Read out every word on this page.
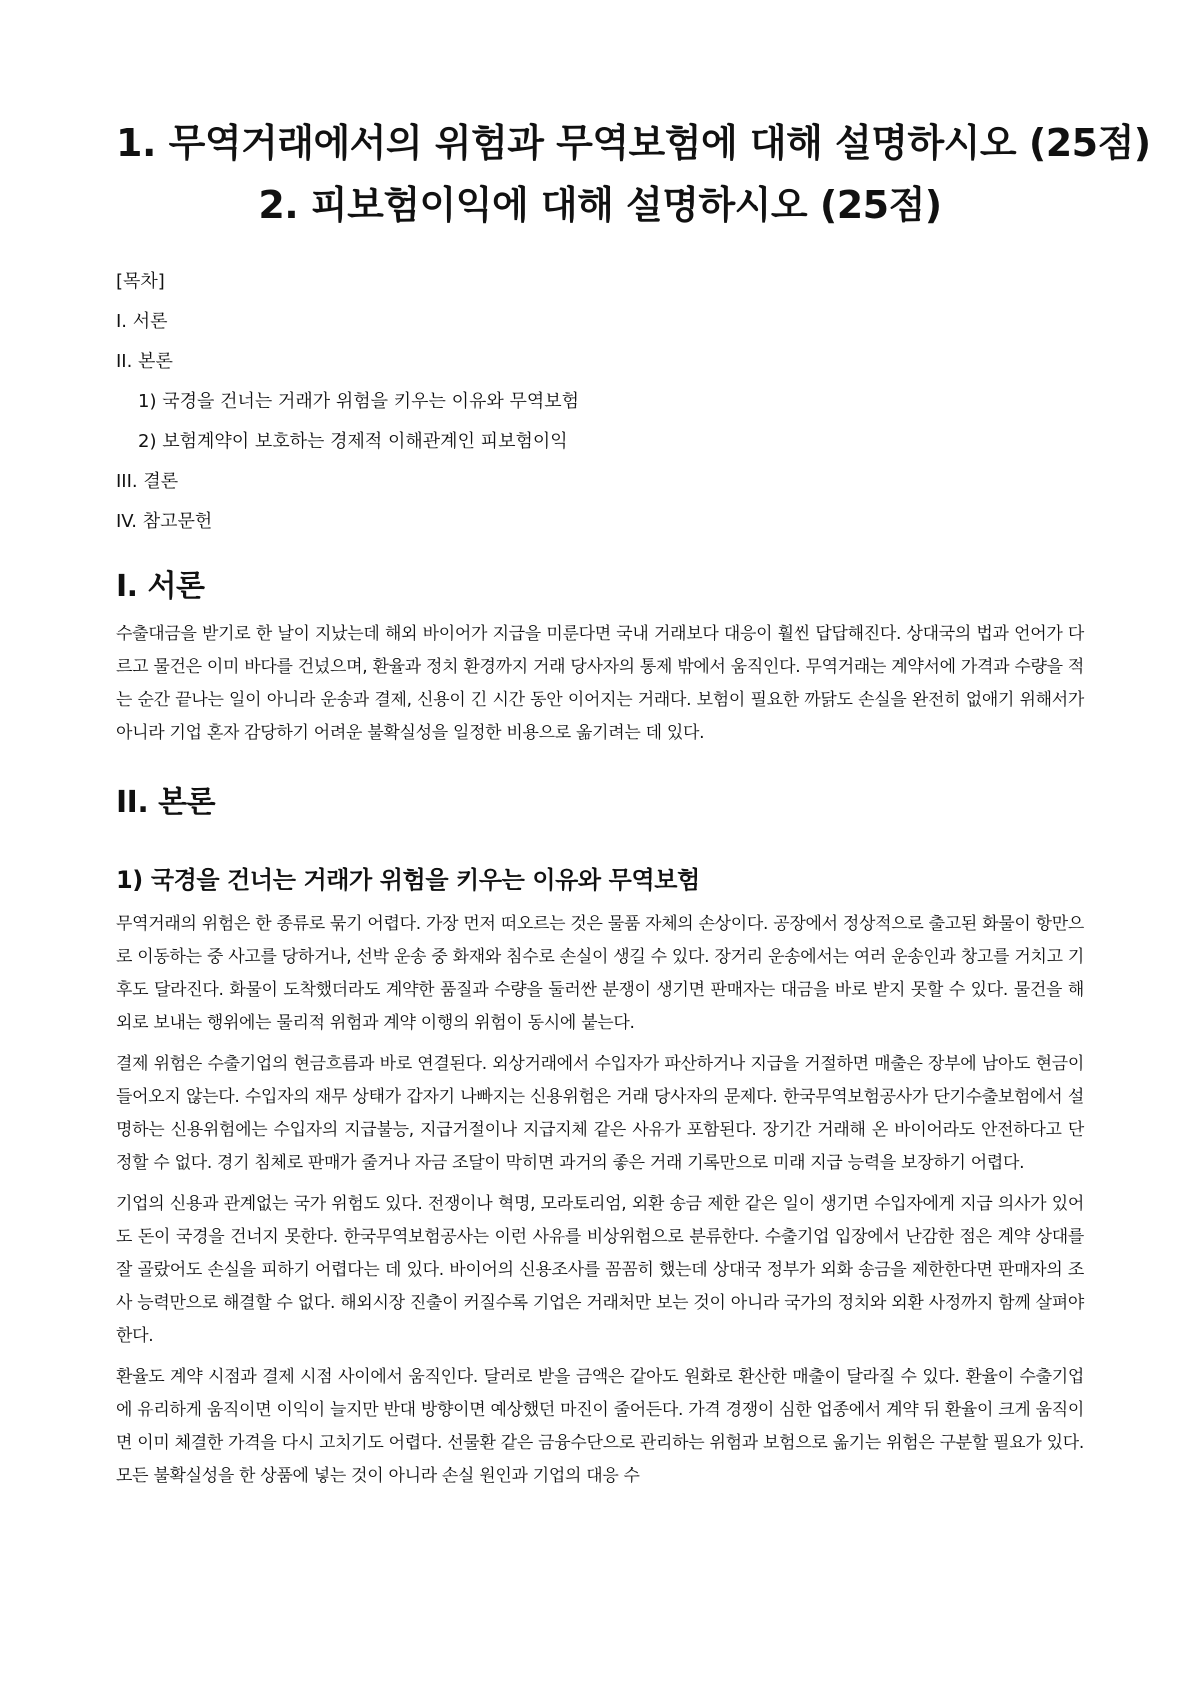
1. 무역거래에서의 위험과 무역보험에 대해 설명하시오 (25점)
2. 피보험이익에 대해 설명하시오 (25점)
[목차]
I. 서론
II. 본론
1) 국경을 건너는 거래가 위험을 키우는 이유와 무역보험
2) 보험계약이 보호하는 경제적 이해관계인 피보험이익
III. 결론
IV. 참고문헌
I. 서론

수출대금을 받기로 한 날이 지났는데 해외 바이어가 지급을 미룬다면 국내 거래보다 대응이 훨씬 답답해진다. 상대국의 법과 언어가 다르고 물건은 이미 바다를 건넜으며, 환율과 정치 환경까지 거래 당사자의 통제 밖에서 움직인다. 무역거래는 계약서에 가격과 수량을 적는 순간 끝나는 일이 아니라 운송과 결제, 신용이 긴 시간 동안 이어지는 거래다. 보험이 필요한 까닭도 손실을 완전히 없애기 위해서가 아니라 기업 혼자 감당하기 어려운 불확실성을 일정한 비용으로 옮기려는 데 있다.

II. 본론
1) 국경을 건너는 거래가 위험을 키우는 이유와 무역보험

무역거래의 위험은 한 종류로 묶기 어렵다. 가장 먼저 떠오르는 것은 물품 자체의 손상이다. 공장에서 정상적으로 출고된 화물이 항만으로 이동하는 중 사고를 당하거나, 선박 운송 중 화재와 침수로 손실이 생길 수 있다. 장거리 운송에서는 여러 운송인과 창고를 거치고 기후도 달라진다. 화물이 도착했더라도 계약한 품질과 수량을 둘러싼 분쟁이 생기면 판매자는 대금을 바로 받지 못할 수 있다. 물건을 해외로 보내는 행위에는 물리적 위험과 계약 이행의 위험이 동시에 붙는다.

결제 위험은 수출기업의 현금흐름과 바로 연결된다. 외상거래에서 수입자가 파산하거나 지급을 거절하면 매출은 장부에 남아도 현금이 들어오지 않는다. 수입자의 재무 상태가 갑자기 나빠지는 신용위험은 거래 당사자의 문제다. 한국무역보험공사가 단기수출보험에서 설명하는 신용위험에는 수입자의 지급불능, 지급거절이나 지급지체 같은 사유가 포함된다. 장기간 거래해 온 바이어라도 안전하다고 단정할 수 없다. 경기 침체로 판매가 줄거나 자금 조달이 막히면 과거의 좋은 거래 기록만으로 미래 지급 능력을 보장하기 어렵다.

기업의 신용과 관계없는 국가 위험도 있다. 전쟁이나 혁명, 모라토리엄, 외환 송금 제한 같은 일이 생기면 수입자에게 지급 의사가 있어도 돈이 국경을 건너지 못한다. 한국무역보험공사는 이런 사유를 비상위험으로 분류한다. 수출기업 입장에서 난감한 점은 계약 상대를 잘 골랐어도 손실을 피하기 어렵다는 데 있다. 바이어의 신용조사를 꼼꼼히 했는데 상대국 정부가 외화 송금을 제한한다면 판매자의 조사 능력만으로 해결할 수 없다. 해외시장 진출이 커질수록 기업은 거래처만 보는 것이 아니라 국가의 정치와 외환 사정까지 함께 살펴야 한다.

환율도 계약 시점과 결제 시점 사이에서 움직인다. 달러로 받을 금액은 같아도 원화로 환산한 매출이 달라질 수 있다. 환율이 수출기업에 유리하게 움직이면 이익이 늘지만 반대 방향이면 예상했던 마진이 줄어든다. 가격 경쟁이 심한 업종에서 계약 뒤 환율이 크게 움직이면 이미 체결한 가격을 다시 고치기도 어렵다. 선물환 같은 금융수단으로 관리하는 위험과 보험으로 옮기는 위험은 구분할 필요가 있다. 모든 불확실성을 한 상품에 넣는 것이 아니라 손실 원인과 기업의 대응 수
